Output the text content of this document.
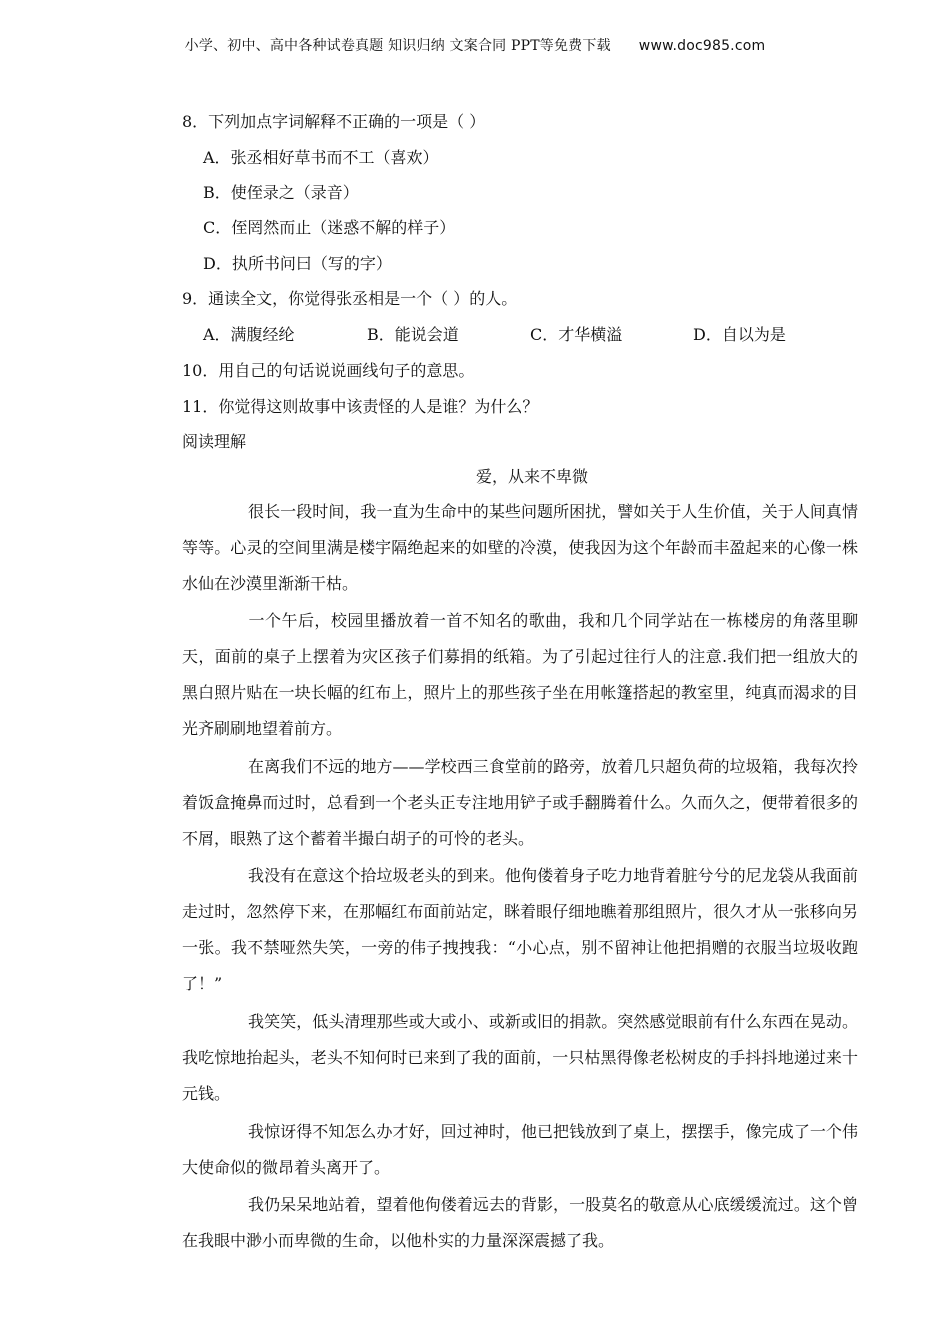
小学、初中、高中各种试卷真题 知识归纳 文案合同 PPT等免费下载 www.doc985.com
8．下列加点字词解释不正确的一项是（ ）
A．张丞相好草书而不工（喜欢）
B．使侄录之（录音）
C．侄罔然而止（迷惑不解的样子）
D．执所书问曰（写的字）
9．通读全文，你觉得张丞相是一个（ ）的人。
A．满腹经纶	B．能说会道	C．才华横溢	D．自以为是
10．用自己的句话说说画线句子的意思。
11．你觉得这则故事中该责怪的人是谁？为什么？
阅读理解
爱，从来不卑微
很长一段时间，我一直为生命中的某些问题所困扰，譬如关于人生价值，关于人间真情等等。心灵的空间里满是楼宇隔绝起来的如壁的冷漠，使我因为这个年龄而丰盈起来的心像一株水仙在沙漠里渐渐干枯。
一个午后，校园里播放着一首不知名的歌曲，我和几个同学站在一栋楼房的角落里聊天，面前的桌子上摆着为灾区孩子们募捐的纸箱。为了引起过往行人的注意.我们把一组放大的黑白照片贴在一块长幅的红布上，照片上的那些孩子坐在用帐篷搭起的教室里，纯真而渴求的目光齐刷刷地望着前方。
在离我们不远的地方——学校西三食堂前的路旁，放着几只超负荷的垃圾箱，我每次拎着饭盒掩鼻而过时，总看到一个老头正专注地用铲子或手翻腾着什么。久而久之，便带着很多的不屑，眼熟了这个蓄着半撮白胡子的可怜的老头。
我没有在意这个拾垃圾老头的到来。他佝偻着身子吃力地背着脏兮兮的尼龙袋从我面前走过时，忽然停下来，在那幅红布面前站定，眯着眼仔细地瞧着那组照片，很久才从一张移向另一张。我不禁哑然失笑，一旁的伟子拽拽我：“小心点，别不留神让他把捐赠的衣服当垃圾收跑了！”
我笑笑，低头清理那些或大或小、或新或旧的捐款。突然感觉眼前有什么东西在晃动。我吃惊地抬起头，老头不知何时已来到了我的面前，一只枯黑得像老松树皮的手抖抖地递过来十元钱。
我惊讶得不知怎么办才好，回过神时，他已把钱放到了桌上，摆摆手，像完成了一个伟大使命似的微昂着头离开了。
我仍呆呆地站着，望着他佝偻着远去的背影，一股莫名的敬意从心底缓缓流过。这个曾在我眼中渺小而卑微的生命，以他朴实的力量深深震撼了我。
